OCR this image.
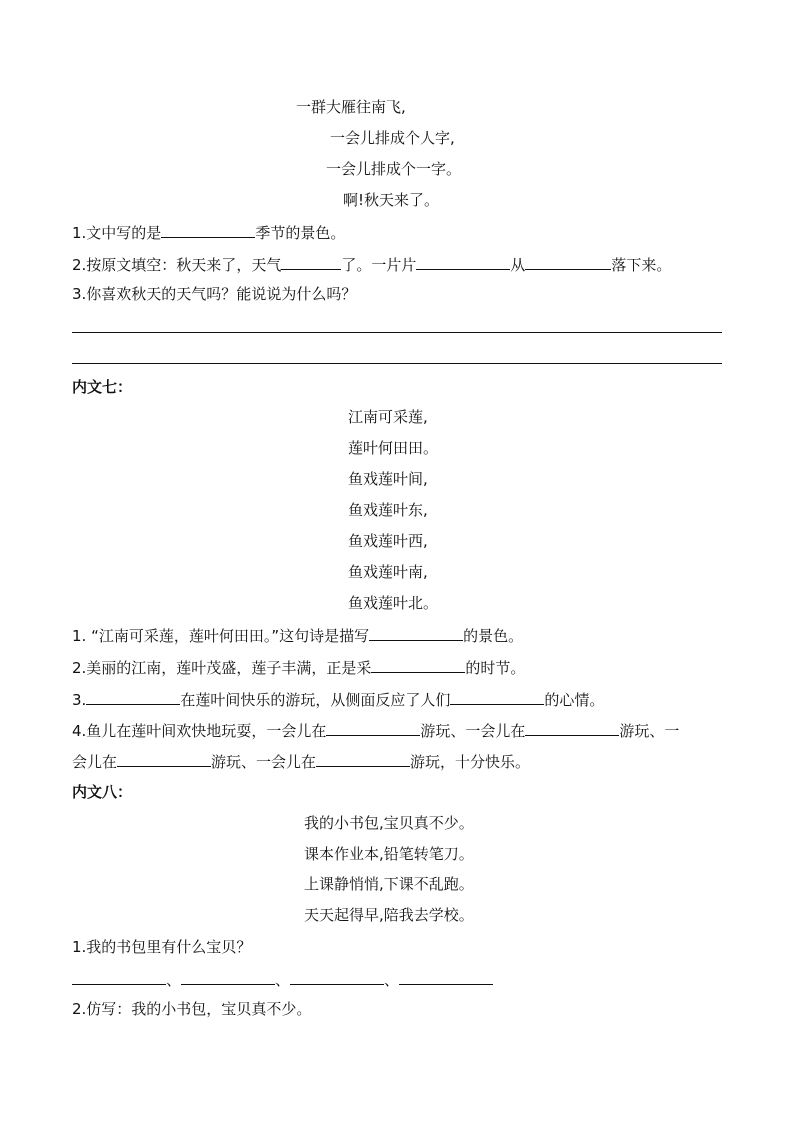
一群大雁往南飞,
一会儿排成个人字,
一会儿排成个一字。
啊!秋天来了。
1.文中写的是	季节的景色。
2.按原文填空：秋天来了，天气	了。一片片	从	落下来。
3.你喜欢秋天的天气吗？能说说为什么吗？
内文七：
江南可采莲,
莲叶何田田。
鱼戏莲叶间,
鱼戏莲叶东,
鱼戏莲叶西,
鱼戏莲叶南,
鱼戏莲叶北。
1. “江南可采莲，莲叶何田田。”这句诗是描写	的景色。
2.美丽的江南，莲叶茂盛，莲子丰满，正是采	的时节。
3.	在莲叶间快乐的游玩，从侧面反应了人们	的心情。
4.鱼儿在莲叶间欢快地玩耍，一会儿在	游玩、一会儿在	游玩、一
会儿在	游玩、一会儿在	游玩，十分快乐。
内文八：
我的小书包,宝贝真不少。
课本作业本,铅笔转笔刀。
上课静悄悄,下课不乱跑。
天天起得早,陪我去学校。
1.我的书包里有什么宝贝？
、	、	、
2.仿写：我的小书包，宝贝真不少。
